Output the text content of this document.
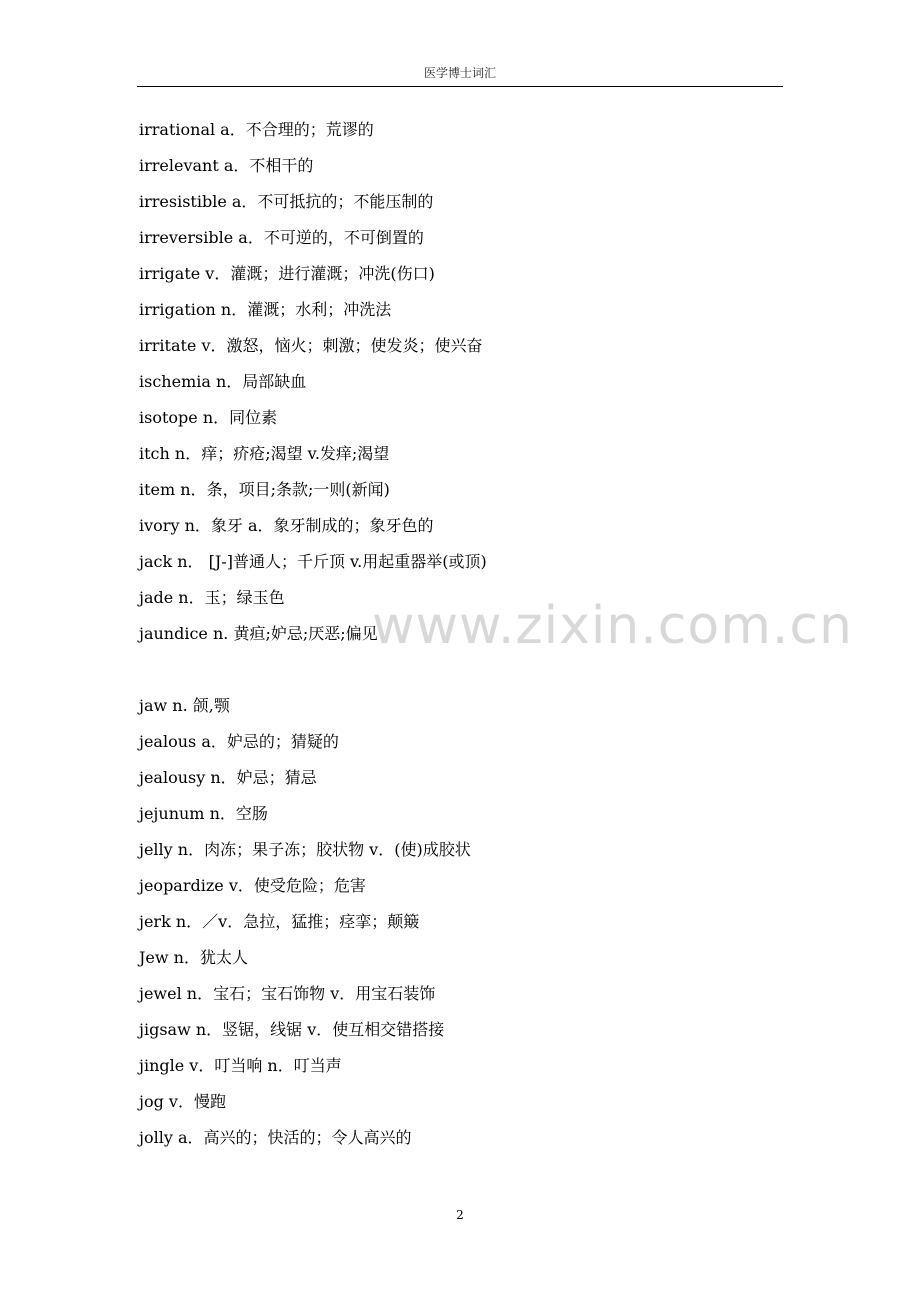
医学博士词汇
irrational a．不合理的；荒谬的
irrelevant a．不相干的
irresistible a．不可抵抗的；不能压制的
irreversible a．不可逆的，不可倒置的
irrigate v．灌溉；进行灌溉；冲洗(伤口)
irrigation n．灌溉；水利；冲洗法
irritate v．激怒，恼火；刺激；使发炎；使兴奋
ischemia n．局部缺血
isotope n．同位素
itch n．痒；疥疮;渴望 v.发痒;渴望
item n．条，项目;条款;一则(新闻)
ivory n．象牙 a．象牙制成的；象牙色的
jack n． [J-]普通人；千斤顶 v.用起重器举(或顶)
jade n．玉；绿玉色
jaundice n. 黄疸;妒忌;厌恶;偏见
jaw n. 颌,颚
jealous a．妒忌的；猜疑的
jealousy n．妒忌；猜忌
jejunum n．空肠
jelly n．肉冻；果子冻；胶状物 v．(使)成胶状
jeopardize v．使受危险；危害
jerk n．／v．急拉，猛推；痉挛；颠簸
Jew n．犹太人
jewel n．宝石；宝石饰物 v．用宝石装饰
jigsaw n．竖锯，线锯 v．使互相交错搭接
jingle v．叮当响 n．叮当声
jog v．慢跑
jolly a．高兴的；快活的；令人高兴的
www.zixin.com.cn
2
